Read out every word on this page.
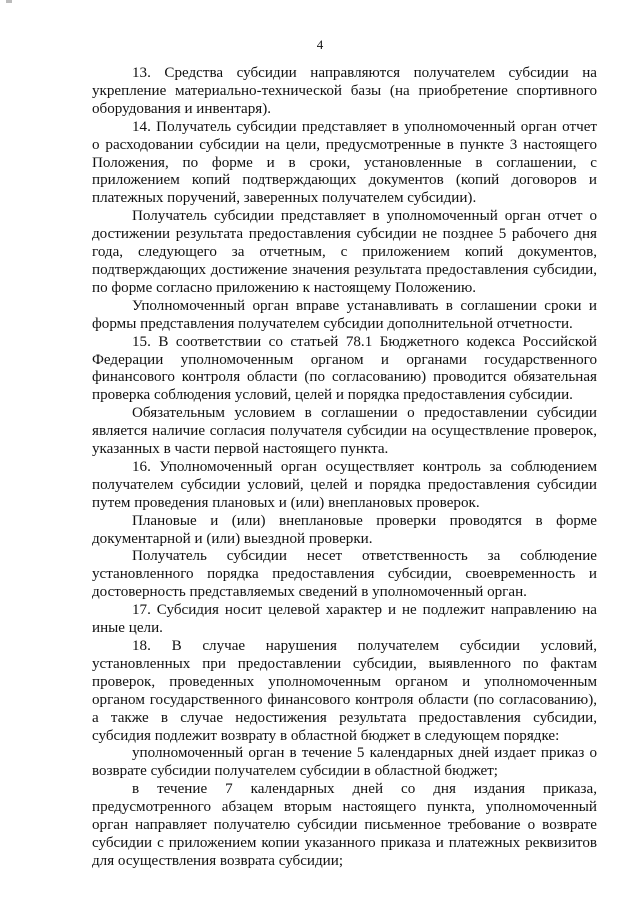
4

13. Средства субсидии направляются получателем субсидии на укрепление материально-технической базы (на приобретение спортивного оборудования и инвентаря).

14. Получатель субсидии представляет в уполномоченный орган отчет о расходовании субсидии на цели, предусмотренные в пункте 3 настоящего Положения, по форме и в сроки, установленные в соглашении, с приложением копий подтверждающих документов (копий договоров и платежных поручений, заверенных получателем субсидии).

Получатель субсидии представляет в уполномоченный орган отчет о достижении результата предоставления субсидии не позднее 5 рабочего дня года, следующего за отчетным, с приложением копий документов, подтверждающих достижение значения результата предоставления субсидии, по форме согласно приложению к настоящему Положению.

Уполномоченный орган вправе устанавливать в соглашении сроки и формы представления получателем субсидии дополнительной отчетности.

15. В соответствии со статьей 78.1 Бюджетного кодекса Российской Федерации уполномоченным органом и органами государственного финансового контроля области (по согласованию) проводится обязательная проверка соблюдения условий, целей и порядка предоставления субсидии.

Обязательным условием в соглашении о предоставлении субсидии является наличие согласия получателя субсидии на осуществление проверок, указанных в части первой настоящего пункта.

16. Уполномоченный орган осуществляет контроль за соблюдением получателем субсидии условий, целей и порядка предоставления субсидии путем проведения плановых и (или) внеплановых проверок.

Плановые и (или) внеплановые проверки проводятся в форме документарной и (или) выездной проверки.

Получатель субсидии несет ответственность за соблюдение установленного порядка предоставления субсидии, своевременность и достоверность представляемых сведений в уполномоченный орган.

17. Субсидия носит целевой характер и не подлежит направлению на иные цели.

18. В случае нарушения получателем субсидии условий, установленных при предоставлении субсидии, выявленного по фактам проверок, проведенных уполномоченным органом и уполномоченным органом государственного финансового контроля области (по согласованию), а также в случае недостижения результата предоставления субсидии, субсидия подлежит возврату в областной бюджет в следующем порядке:

уполномоченный орган в течение 5 календарных дней издает приказ о возврате субсидии получателем субсидии в областной бюджет;

в течение 7 календарных дней со дня издания приказа, предусмотренного абзацем вторым настоящего пункта, уполномоченный орган направляет получателю субсидии письменное требование о возврате субсидии с приложением копии указанного приказа и платежных реквизитов для осуществления возврата субсидии;
